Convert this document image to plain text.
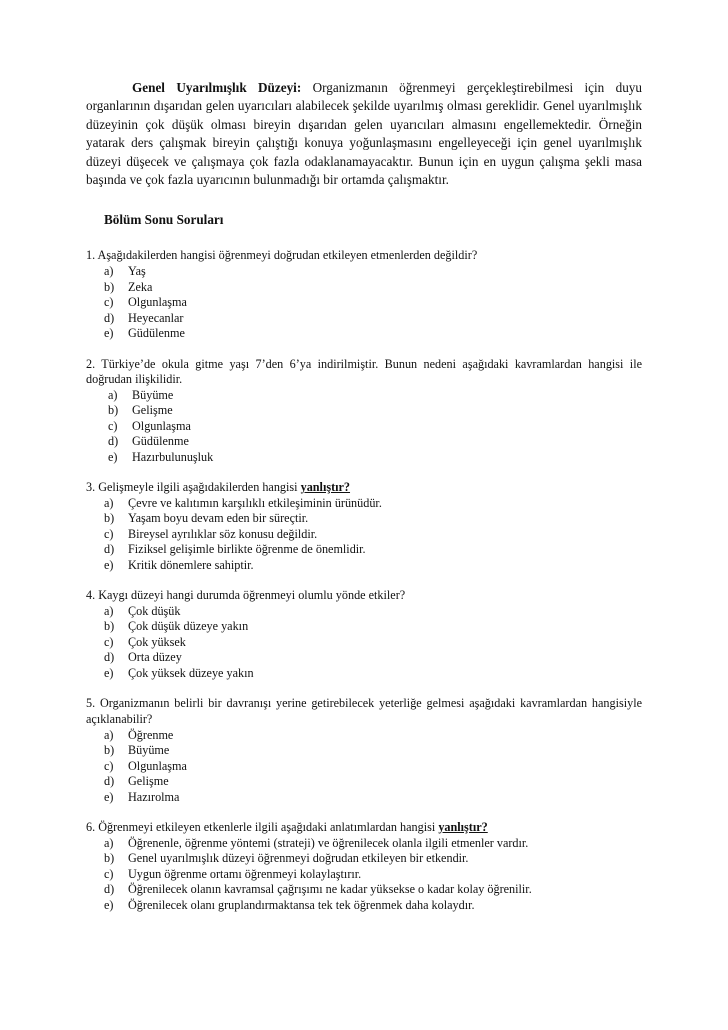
Genel Uyarılmışlık Düzeyi: Organizmanın öğrenmeyi gerçekleştirebilmesi için duyu organlarının dışarıdan gelen uyarıcıları alabilecek şekilde uyarılmış olması gereklidir. Genel uyarılmışlık düzeyinin çok düşük olması bireyin dışarıdan gelen uyarıcıları almasını engellemektedir. Örneğin yatarak ders çalışmak bireyin çalıştığı konuya yoğunlaşmasını engelleyeceği için genel uyarılmışlık düzeyi düşecek ve çalışmaya çok fazla odaklanamayacaktır. Bunun için en uygun çalışma şekli masa başında ve çok fazla uyarıcının bulunmadığı bir ortamda çalışmaktır.

Bölüm Sonu Soruları

1. Aşağıdakilerden hangisi öğrenmeyi doğrudan etkileyen etmenlerden değildir?

a)	Yaş
b)	Zeka
c)	Olgunlaşma
d)	Heyecanlar
e)	Güdülenme

2. Türkiye’de okula gitme yaşı 7’den 6’ya indirilmiştir. Bunun nedeni aşağıdaki kavramlardan hangisi ile doğrudan ilişkilidir.

a)	Büyüme
b)	Gelişme
c)	Olgunlaşma
d)	Güdülenme
e)	Hazırbulunuşluk

3. Gelişmeyle ilgili aşağıdakilerden hangisi yanlıştır?

a)	Çevre ve kalıtımın karşılıklı etkileşiminin ürünüdür.
b)	Yaşam boyu devam eden bir süreçtir.
c)	Bireysel ayrılıklar söz konusu değildir.
d)	Fiziksel gelişimle birlikte öğrenme de önemlidir.
e)	Kritik dönemlere sahiptir.

4. Kaygı düzeyi hangi durumda öğrenmeyi olumlu yönde etkiler?

a)	Çok düşük
b)	Çok düşük düzeye yakın
c)	Çok yüksek
d)	Orta düzey
e)	Çok yüksek düzeye yakın

5. Organizmanın belirli bir davranışı yerine getirebilecek yeterliğe gelmesi aşağıdaki kavramlardan hangisiyle açıklanabilir?

a)	Öğrenme
b)	Büyüme
c)	Olgunlaşma
d)	Gelişme
e)	Hazırolma

6. Öğrenmeyi etkileyen etkenlerle ilgili aşağıdaki anlatımlardan hangisi yanlıştır?

a)	Öğrenenle, öğrenme yöntemi (strateji) ve öğrenilecek olanla ilgili etmenler vardır.
b)	Genel uyarılmışlık düzeyi öğrenmeyi doğrudan etkileyen bir etkendir.
c)	Uygun öğrenme ortamı öğrenmeyi kolaylaştırır.
d)	Öğrenilecek olanın kavramsal çağrışımı ne kadar yüksekse o kadar kolay öğrenilir.
e)	Öğrenilecek olanı gruplandırmaktansa tek tek öğrenmek daha kolaydır.
